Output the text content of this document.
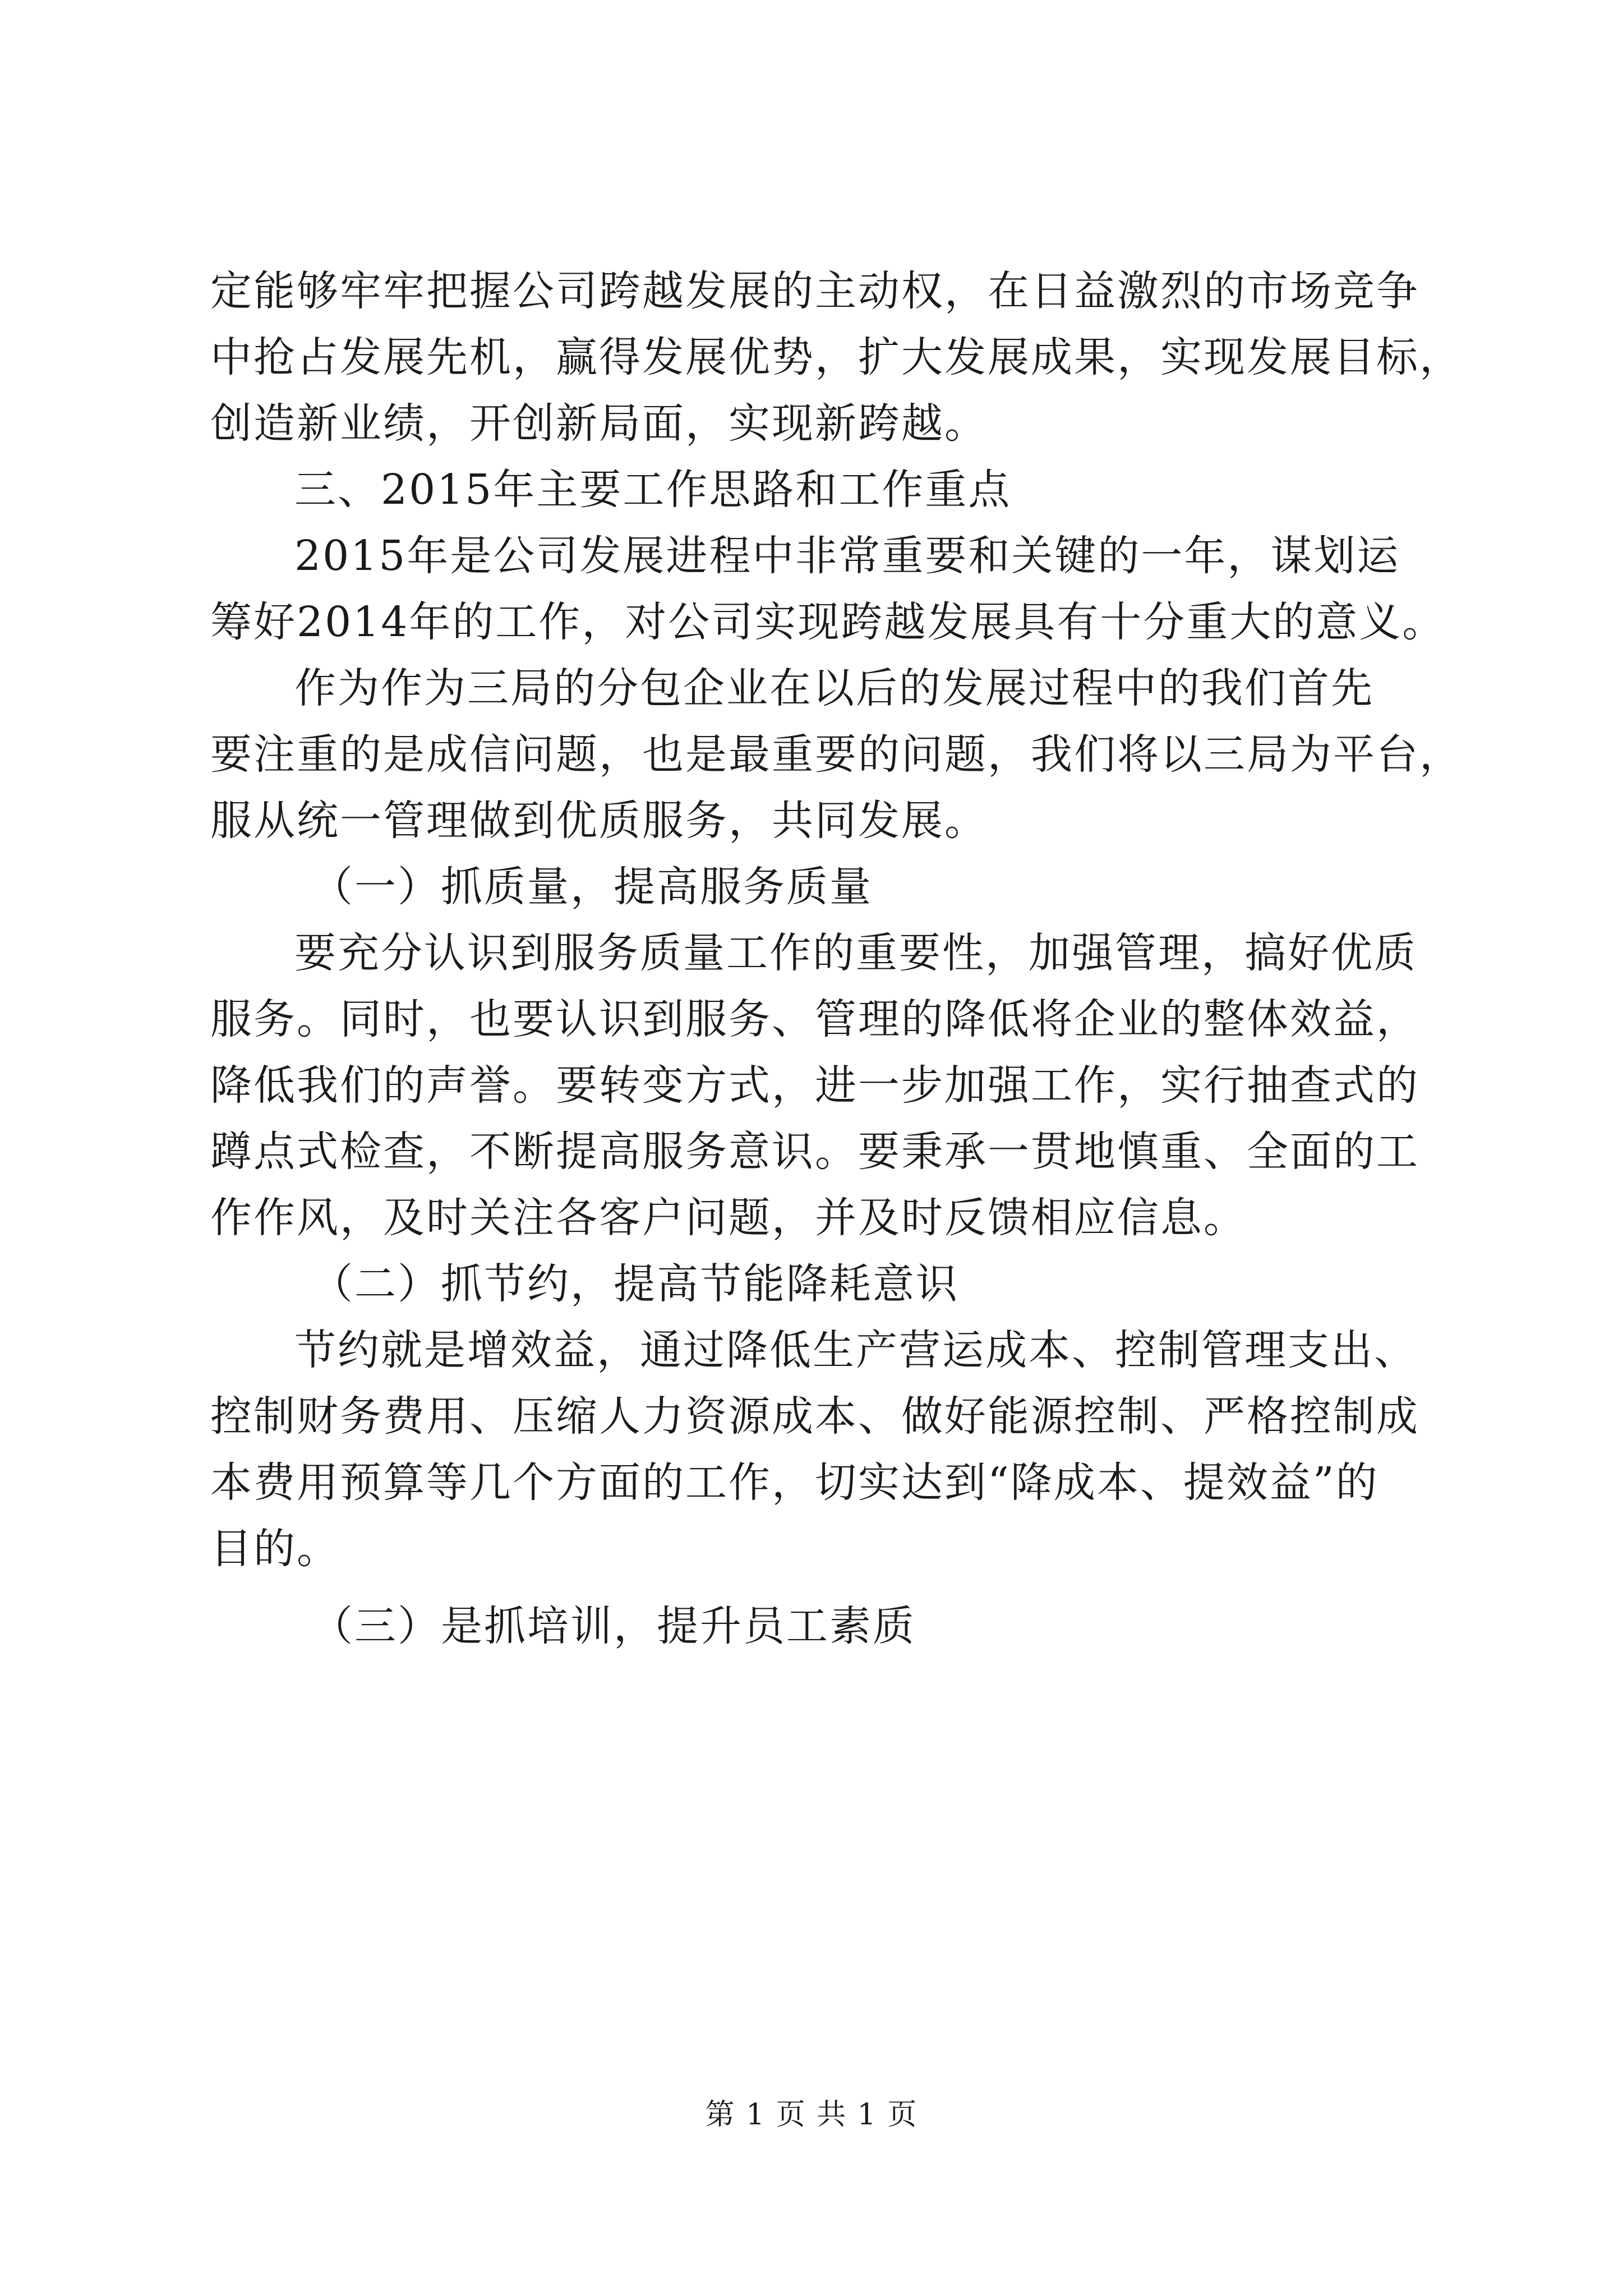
定能够牢牢把握公司跨越发展的主动权，在日益激烈的市场竞争
中抢占发展先机，赢得发展优势，扩大发展成果，实现发展目标，
创造新业绩，开创新局面，实现新跨越。
三、2015年主要工作思路和工作重点
2015年是公司发展进程中非常重要和关键的一年，谋划运
筹好2014年的工作，对公司实现跨越发展具有十分重大的意义。
作为作为三局的分包企业在以后的发展过程中的我们首先
要注重的是成信问题，也是最重要的问题，我们将以三局为平台，
服从统一管理做到优质服务，共同发展。
（一）抓质量，提高服务质量
要充分认识到服务质量工作的重要性，加强管理，搞好优质
服务。同时，也要认识到服务、管理的降低将企业的整体效益，
降低我们的声誉。要转变方式，进一步加强工作，实行抽查式的
蹲点式检查，不断提高服务意识。要秉承一贯地慎重、全面的工
作作风，及时关注各客户问题，并及时反馈相应信息。
（二）抓节约，提高节能降耗意识
节约就是增效益，通过降低生产营运成本、控制管理支出、
控制财务费用、压缩人力资源成本、做好能源控制、严格控制成
本费用预算等几个方面的工作，切实达到“降成本、提效益”的
目的。
（三）是抓培训，提升员工素质
第 1 页 共 1 页
